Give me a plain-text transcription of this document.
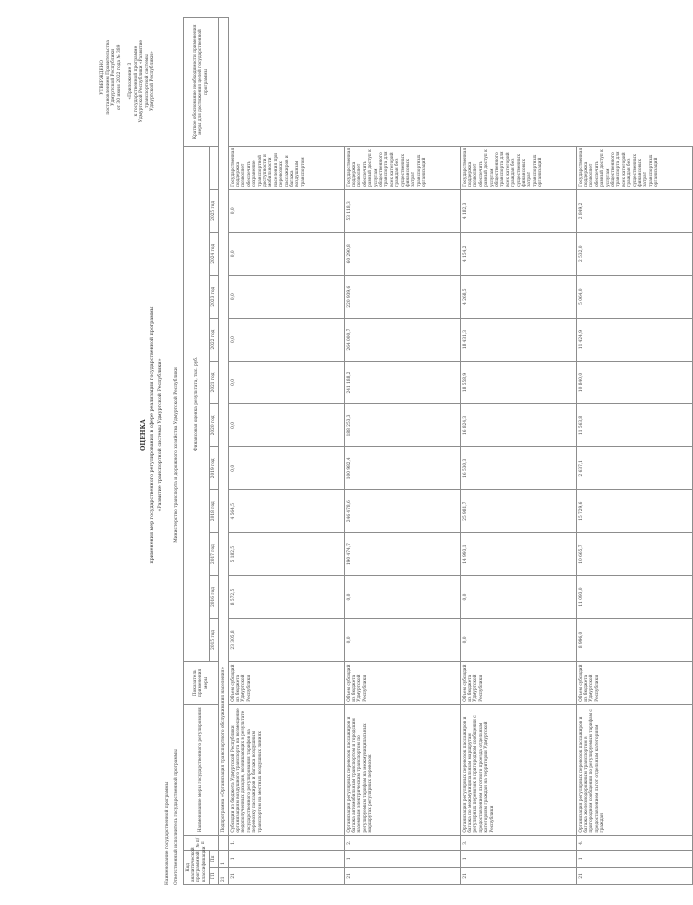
УТВЕРЖДЕНО постановлением Правительства Удмуртской Республики от 30 июня 2022 года № 389 «Приложение 3 к государственной программе Удмуртской Республики «Развитие транспортной системы Удмуртской Республики»
ОЦЕНКА применения мер государственного регулирования в сфере реализации государственной программы «Развитие транспортной системы Удмуртской Республики»
Наименование государственной программы Ответственный исполнитель государственной программы
Министерство транспорта и дорожного хозяйства Удмуртской Республики
Код аналитической программной классификации		№ п/п	Наименование меры государственного регулирования	Показатель применения меры	Финансовая оценка результата, тыс. руб.												Краткое обоснование необходимости применения меры для достижения целей государственной программы
ГП	Пп				2015 год	2016 год	2017 год	2018 год	2019 год	2020 год	2021 год	2022 год	2023 год	2024 год	2025 год		
21	1		Подпрограмма «Организация транспортного обслуживания населения»														
21	1	1.	Субсидии из бюджета Удмуртской Республики организациям воздушного транспорта на возмещение недополученных доходов, возникающих в результате государственного регулирования тарифов на перевозку пассажиров и багажа воздушным транспортом на местных воздушных линиях	Объем субсидий из бюджета Удмуртской Республики	23 305,8	8 572,5	5 182,5	4 564,5	0,0	0,0	0,0	0,0	0,0	0,0	0,0	Государственная поддержка позволяет обеспечить сохранение транспортной доступности и мобильности населения при перевозках пассажиров и багажа воздушным транспортом	
21	1	2.	Организация регулярных перевозок пассажиров и багажа автомобильным транспортом и городским наземным электрическим транспортом по регулируемым тарифам на межмуниципальных маршрутах регулярных перевозок	Объем субсидий из бюджета Удмуртской Республики	0,0	0,0	190 474,7	246 478,6	100 982,4	188 253,3	241 188,2	264 000,7	220 939,6	60 290,8	53 118,3	Государственная поддержка позволяет обеспечить равный доступ к услугам общественного транспорта для всех категорий граждан без существенных финансовых затрат транспортных организаций	
21	1	3.	Организация регулярных перевозок пассажиров и багажа по межмуниципальным маршрутам регулярных перевозок в пригородном сообщении с предоставлением льготного проезда отдельным категориям граждан на территории Удмуртской Республики	Объем субсидий из бюджета Удмуртской Республики	0,0	0,0	14 993,1	25 981,7	16 530,3	16 824,3	18 558,9	18 431,3	4 268,5	4 154,2	4 182,3	Государственная поддержка позволяет обеспечить равный доступ к услугам общественного транспорта для всех категорий граждан без существенных финансовых затрат транспортных организаций	
21	1	4.	Организация регулярных перевозок пассажиров и багажа железнодорожным транспортом в пригородном сообщении по регулируемым тарифам с предоставлением льгот отдельным категориям граждан	Объем субсидий из бюджета Удмуртской Республики	8 996,0	11 093,0	10 665,7	15 729,6	2 637,1	11 563,8	10 840,0	11 424,9	5 064,0	2 532,0	2 849,2	Государственная поддержка позволяет обеспечить равный доступ к услугам общественного транспорта для всех категорий граждан без существенных финансовых затрат транспортных организаций	
